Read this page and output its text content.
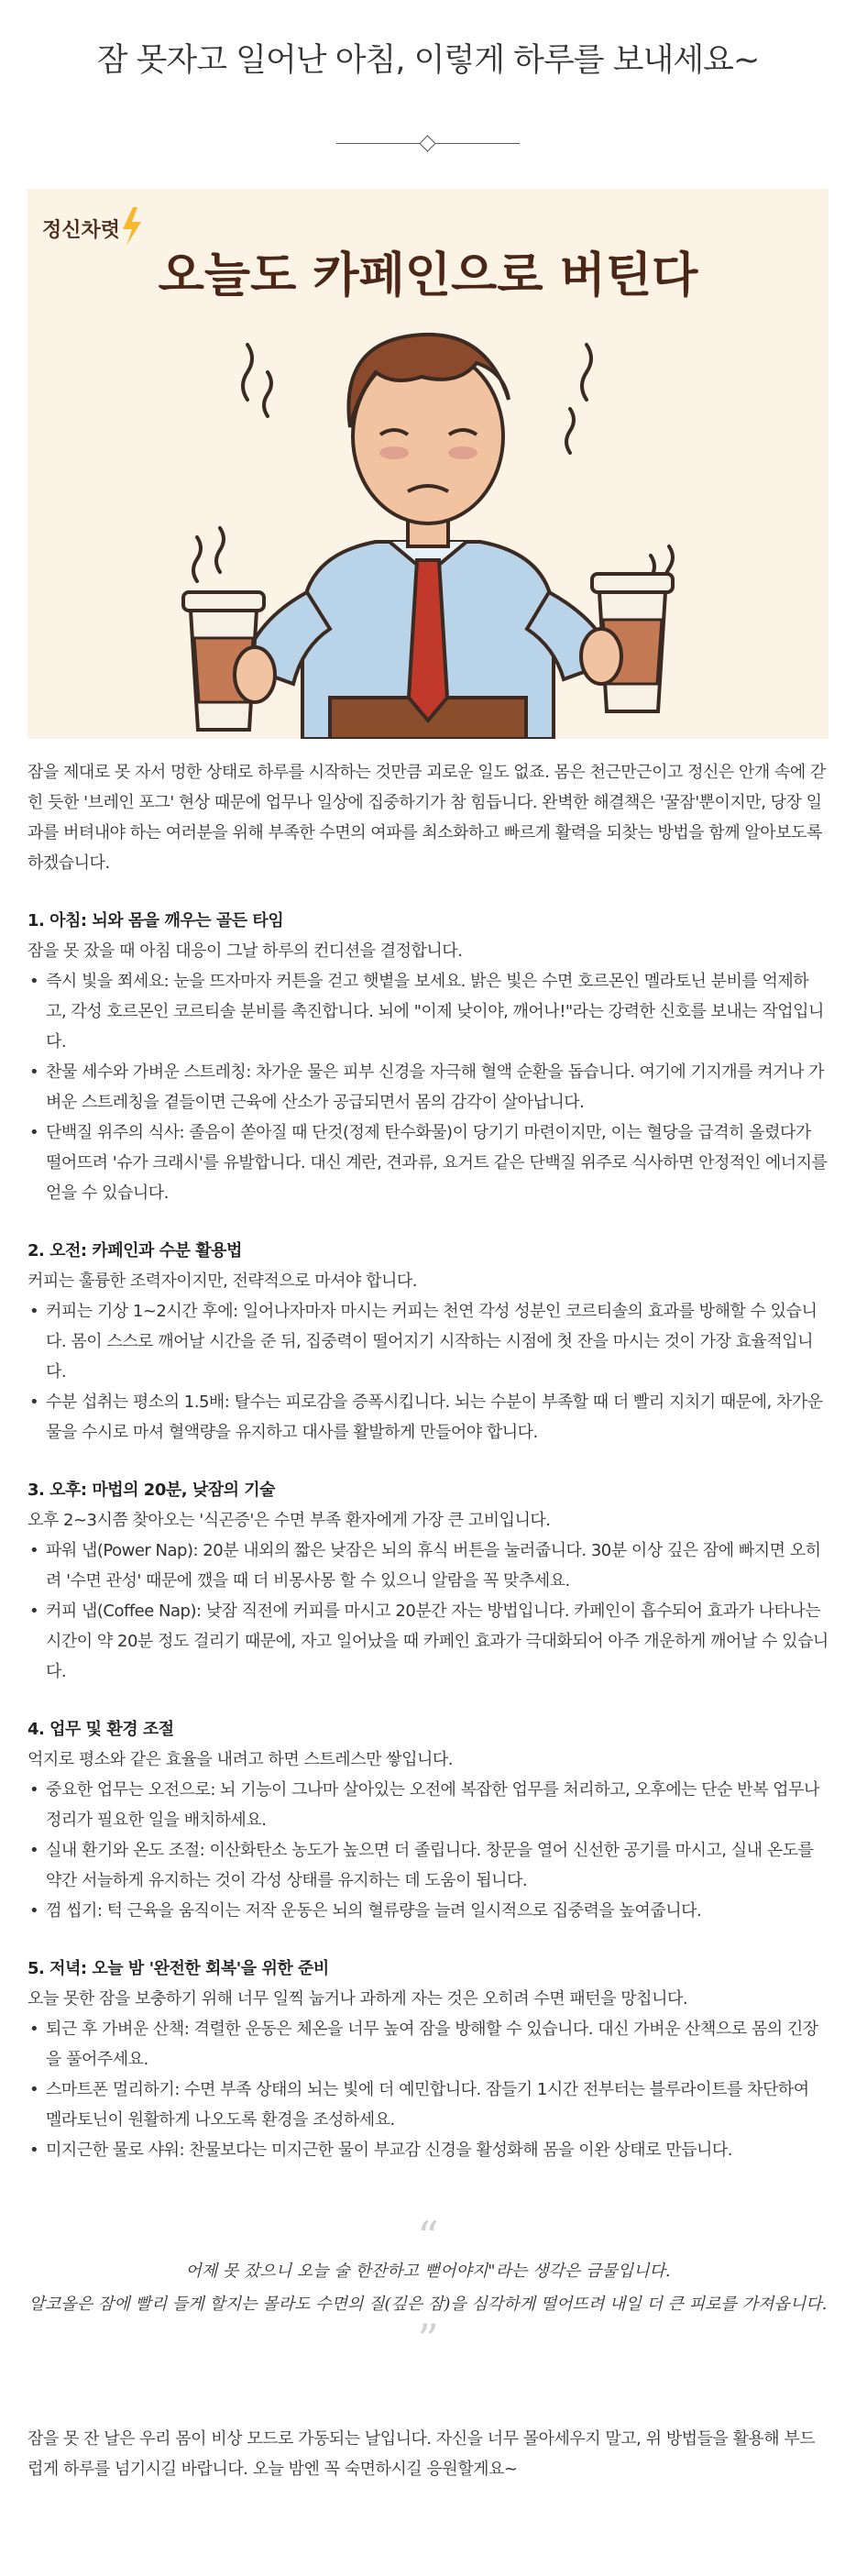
잠 못자고 일어난 아침, 이렇게 하루를 보내세요~
정신차렷
오늘도 카페인으로 버틴다

잠을 제대로 못 자서 멍한 상태로 하루를 시작하는 것만큼 괴로운 일도 없죠. 몸은 천근만근이고 정신은 안개 속에 갇힌 듯한 '브레인 포그' 현상 때문에 업무나 일상에 집중하기가 참 힘듭니다. 완벽한 해결책은 '꿀잠'뿐이지만, 당장 일과를 버텨내야 하는 여러분을 위해 부족한 수면의 여파를 최소화하고 빠르게 활력을 되찾는 방법을 함께 알아보도록 하겠습니다.

1. 아침: 뇌와 몸을 깨우는 골든 타임
잠을 못 잤을 때 아침 대응이 그날 하루의 컨디션을 결정합니다.
• 즉시 빛을 쬐세요: 눈을 뜨자마자 커튼을 걷고 햇볕을 보세요. 밝은 빛은 수면 호르몬인 멜라토닌 분비를 억제하고, 각성 호르몬인 코르티솔 분비를 촉진합니다. 뇌에 "이제 낮이야, 깨어나!"라는 강력한 신호를 보내는 작업입니다.
• 찬물 세수와 가벼운 스트레칭: 차가운 물은 피부 신경을 자극해 혈액 순환을 돕습니다. 여기에 기지개를 켜거나 가벼운 스트레칭을 곁들이면 근육에 산소가 공급되면서 몸의 감각이 살아납니다.
• 단백질 위주의 식사: 졸음이 쏟아질 때 단것(정제 탄수화물)이 당기기 마련이지만, 이는 혈당을 급격히 올렸다가 떨어뜨려 '슈가 크래시'를 유발합니다. 대신 계란, 견과류, 요거트 같은 단백질 위주로 식사하면 안정적인 에너지를 얻을 수 있습니다.
2. 오전: 카페인과 수분 활용법
커피는 훌륭한 조력자이지만, 전략적으로 마셔야 합니다.
• 커피는 기상 1~2시간 후에: 일어나자마자 마시는 커피는 천연 각성 성분인 코르티솔의 효과를 방해할 수 있습니다. 몸이 스스로 깨어날 시간을 준 뒤, 집중력이 떨어지기 시작하는 시점에 첫 잔을 마시는 것이 가장 효율적입니다.
• 수분 섭취는 평소의 1.5배: 탈수는 피로감을 증폭시킵니다. 뇌는 수분이 부족할 때 더 빨리 지치기 때문에, 차가운 물을 수시로 마셔 혈액량을 유지하고 대사를 활발하게 만들어야 합니다.
3. 오후: 마법의 20분, 낮잠의 기술
오후 2~3시쯤 찾아오는 '식곤증'은 수면 부족 환자에게 가장 큰 고비입니다.
• 파워 냅(Power Nap): 20분 내외의 짧은 낮잠은 뇌의 휴식 버튼을 눌러줍니다. 30분 이상 깊은 잠에 빠지면 오히려 '수면 관성' 때문에 깼을 때 더 비몽사몽 할 수 있으니 알람을 꼭 맞추세요.
• 커피 냅(Coffee Nap): 낮잠 직전에 커피를 마시고 20분간 자는 방법입니다. 카페인이 흡수되어 효과가 나타나는 시간이 약 20분 정도 걸리기 때문에, 자고 일어났을 때 카페인 효과가 극대화되어 아주 개운하게 깨어날 수 있습니다.
4. 업무 및 환경 조절
억지로 평소와 같은 효율을 내려고 하면 스트레스만 쌓입니다.
• 중요한 업무는 오전으로: 뇌 기능이 그나마 살아있는 오전에 복잡한 업무를 처리하고, 오후에는 단순 반복 업무나 정리가 필요한 일을 배치하세요.
• 실내 환기와 온도 조절: 이산화탄소 농도가 높으면 더 졸립니다. 창문을 열어 신선한 공기를 마시고, 실내 온도를 약간 서늘하게 유지하는 것이 각성 상태를 유지하는 데 도움이 됩니다.
• 껌 씹기: 턱 근육을 움직이는 저작 운동은 뇌의 혈류량을 늘려 일시적으로 집중력을 높여줍니다.
5. 저녁: 오늘 밤 '완전한 회복'을 위한 준비
오늘 못한 잠을 보충하기 위해 너무 일찍 눕거나 과하게 자는 것은 오히려 수면 패턴을 망칩니다.
• 퇴근 후 가벼운 산책: 격렬한 운동은 체온을 너무 높여 잠을 방해할 수 있습니다. 대신 가벼운 산책으로 몸의 긴장을 풀어주세요.
• 스마트폰 멀리하기: 수면 부족 상태의 뇌는 빛에 더 예민합니다. 잠들기 1시간 전부터는 블루라이트를 차단하여 멜라토닌이 원활하게 나오도록 환경을 조성하세요.
• 미지근한 물로 샤워: 찬물보다는 미지근한 물이 부교감 신경을 활성화해 몸을 이완 상태로 만듭니다.
“
어제 못 잤으니 오늘 술 한잔하고 뻗어야지"라는 생각은 금물입니다.
알코올은 잠에 빨리 들게 할지는 몰라도 수면의 질(깊은 잠)을 심각하게 떨어뜨려 내일 더 큰 피로를 가져옵니다.
”

잠을 못 잔 날은 우리 몸이 비상 모드로 가동되는 날입니다. 자신을 너무 몰아세우지 말고, 위 방법들을 활용해 부드럽게 하루를 넘기시길 바랍니다. 오늘 밤엔 꼭 숙면하시길 응원할게요~
